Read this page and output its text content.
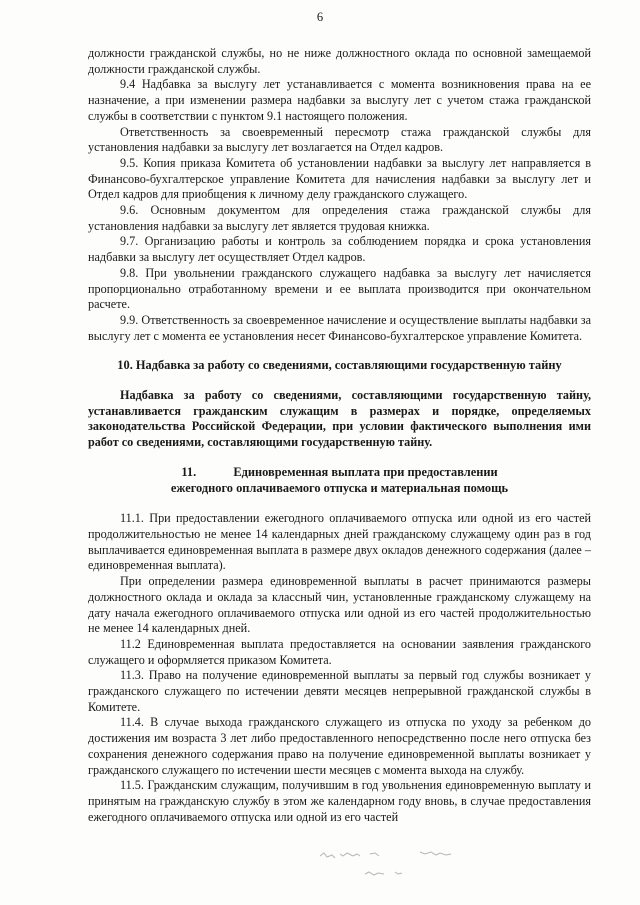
6

должности гражданской службы, но не ниже должностного оклада по основной замещаемой должности гражданской службы.

9.4 Надбавка за выслугу лет устанавливается с момента возникновения права на ее назначение, а при изменении размера надбавки за выслугу лет с учетом стажа гражданской службы в соответствии с пунктом 9.1 настоящего положения.

Ответственность за своевременный пересмотр стажа гражданской службы для установления надбавки за выслугу лет возлагается на Отдел кадров.

9.5. Копия приказа Комитета об установлении надбавки за выслугу лет направляется в Финансово-бухгалтерское управление Комитета для начисления надбавки за выслугу лет и Отдел кадров для приобщения к личному делу гражданского служащего.

9.6. Основным документом для определения стажа гражданской службы для установления надбавки за выслугу лет является трудовая книжка.

9.7. Организацию работы и контроль за соблюдением порядка и срока установления надбавки за выслугу лет осуществляет Отдел кадров.

9.8. При увольнении гражданского служащего надбавка за выслугу лет начисляется пропорционально отработанному времени и ее выплата производится при окончательном расчете.

9.9. Ответственность за своевременное начисление и осуществление выплаты надбавки за выслугу лет с момента ее установления несет Финансово-бухгалтерское управление Комитета.

10. Надбавка за работу со сведениями, составляющими государственную тайну

Надбавка за работу со сведениями, составляющими государственную тайну, устанавливается гражданским служащим в размерах и порядке, определяемых законодательства Российской Федерации, при условии фактического выполнения ими работ со сведениями, составляющими государственную тайну.

11.	Единовременная выплата при предоставлении
ежегодного оплачиваемого отпуска и материальная помощь

11.1. При предоставлении ежегодного оплачиваемого отпуска или одной из его частей продолжительностью не менее 14 календарных дней гражданскому служащему один раз в год выплачивается единовременная выплата в размере двух окладов денежного содержания (далее – единовременная выплата).

При определении размера единовременной выплаты в расчет принимаются размеры должностного оклада и оклада за классный чин, установленные гражданскому служащему на дату начала ежегодного оплачиваемого отпуска или одной из его частей продолжительностью не менее 14 календарных дней.

11.2 Единовременная выплата предоставляется на основании заявления гражданского служащего и оформляется приказом Комитета.

11.3. Право на получение единовременной выплаты за первый год службы возникает у гражданского служащего по истечении девяти месяцев непрерывной гражданской службы в Комитете.

11.4. В случае выхода гражданского служащего из отпуска по уходу за ребенком до достижения им возраста 3 лет либо предоставленного непосредственно после него отпуска без сохранения денежного содержания право на получение единовременной выплаты возникает у гражданского служащего по истечении шести месяцев с момента выхода на службу.

11.5. Гражданским служащим, получившим в год увольнения единовременную выплату и принятым на гражданскую службу в этом же календарном году вновь, в случае предоставления ежегодного оплачиваемого отпуска или одной из его частей
